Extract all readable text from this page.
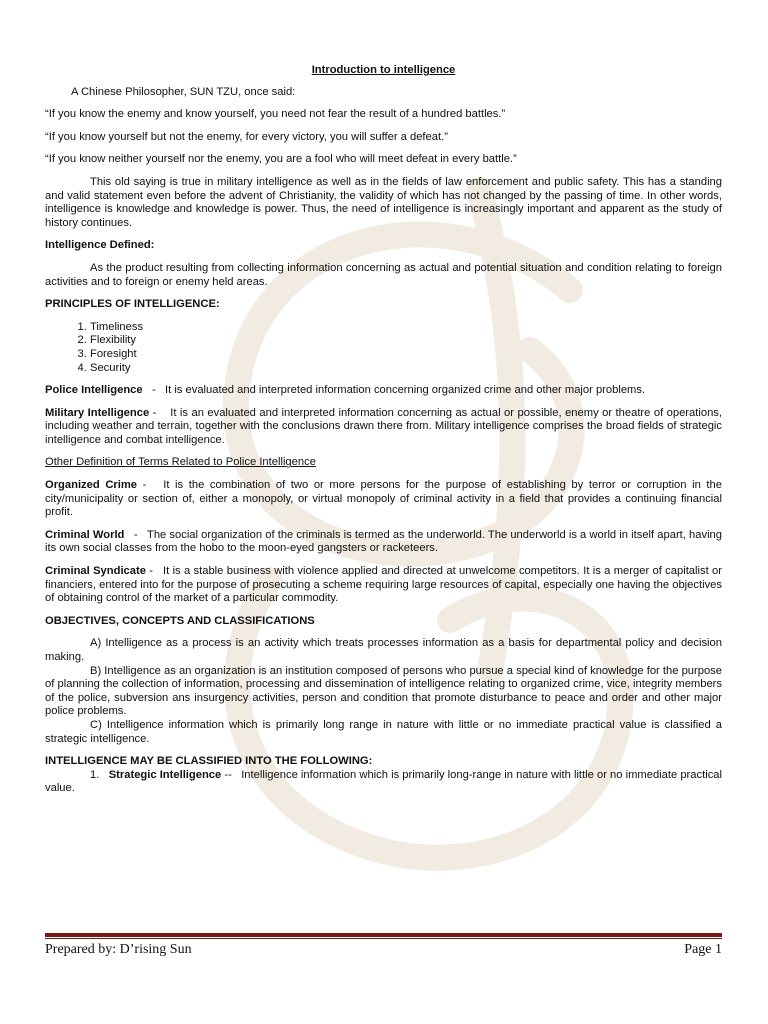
Introduction to intelligence

A Chinese Philosopher, SUN TZU, once said:

“If you know the enemy and know yourself, you need not fear the result of a hundred battles.”

“If you know yourself but not the enemy, for every victory, you will suffer a defeat.”

“If you know neither yourself nor the enemy, you are a fool who will meet defeat in every battle.”

This old saying is true in military intelligence as well as in the fields of law enforcement and public safety. This has a standing and valid statement even before the advent of Christianity, the validity of which has not changed by the passing of time. In other words, intelligence is knowledge and knowledge is power. Thus, the need of intelligence is increasingly important and apparent as the study of history continues.

Intelligence Defined:

As the product resulting from collecting information concerning as actual and potential situation and condition relating to foreign activities and to foreign or enemy held areas.

PRINCIPLES OF INTELLIGENCE:

1. Timeliness
2. Flexibility
3. Foresight
4. Security

Police Intelligence   -   It is evaluated and interpreted information concerning organized crime and other major problems.

Military Intelligence -    It is an evaluated and interpreted information concerning as actual or possible, enemy or theatre of operations, including weather and terrain, together with the conclusions drawn there from. Military intelligence comprises the broad fields of strategic intelligence and combat intelligence.

Other Definition of Terms Related to Police Intelligence

Organized Crime -   It is the combination of two or more persons for the purpose of establishing by terror or corruption in the city/municipality or section of, either a monopoly, or virtual monopoly of criminal activity in a field that provides a continuing financial profit.

Criminal World   -   The social organization of the criminals is termed as the underworld. The underworld is a world in itself apart, having its own social classes from the hobo to the moon-eyed gangsters or racketeers.

Criminal Syndicate -   It is a stable business with violence applied and directed at unwelcome competitors. It is a merger of capitalist or financiers, entered into for the purpose of prosecuting a scheme requiring large resources of capital, especially one having the objectives of obtaining control of the market of a particular commodity.

OBJECTIVES, CONCEPTS AND CLASSIFICATIONS

A) Intelligence as a process is an activity which treats processes information as a basis for departmental policy and decision making.

B) Intelligence as an organization is an institution composed of persons who pursue a special kind of knowledge for the purpose of planning the collection of information, processing and dissemination of intelligence relating to organized crime, vice, integrity members of the police, subversion ans insurgency activities, person and condition that promote disturbance to peace and order and other major police problems.

C) Intelligence information which is primarily long range in nature with little or no immediate practical value is classified a strategic intelligence.

INTELLIGENCE MAY BE CLASSIFIED INTO THE FOLLOWING:

1. Strategic Intelligence --   Intelligence information which is primarily long-range in nature with little or no immediate practical value.

Prepared by: D’rising Sun	Page 1
